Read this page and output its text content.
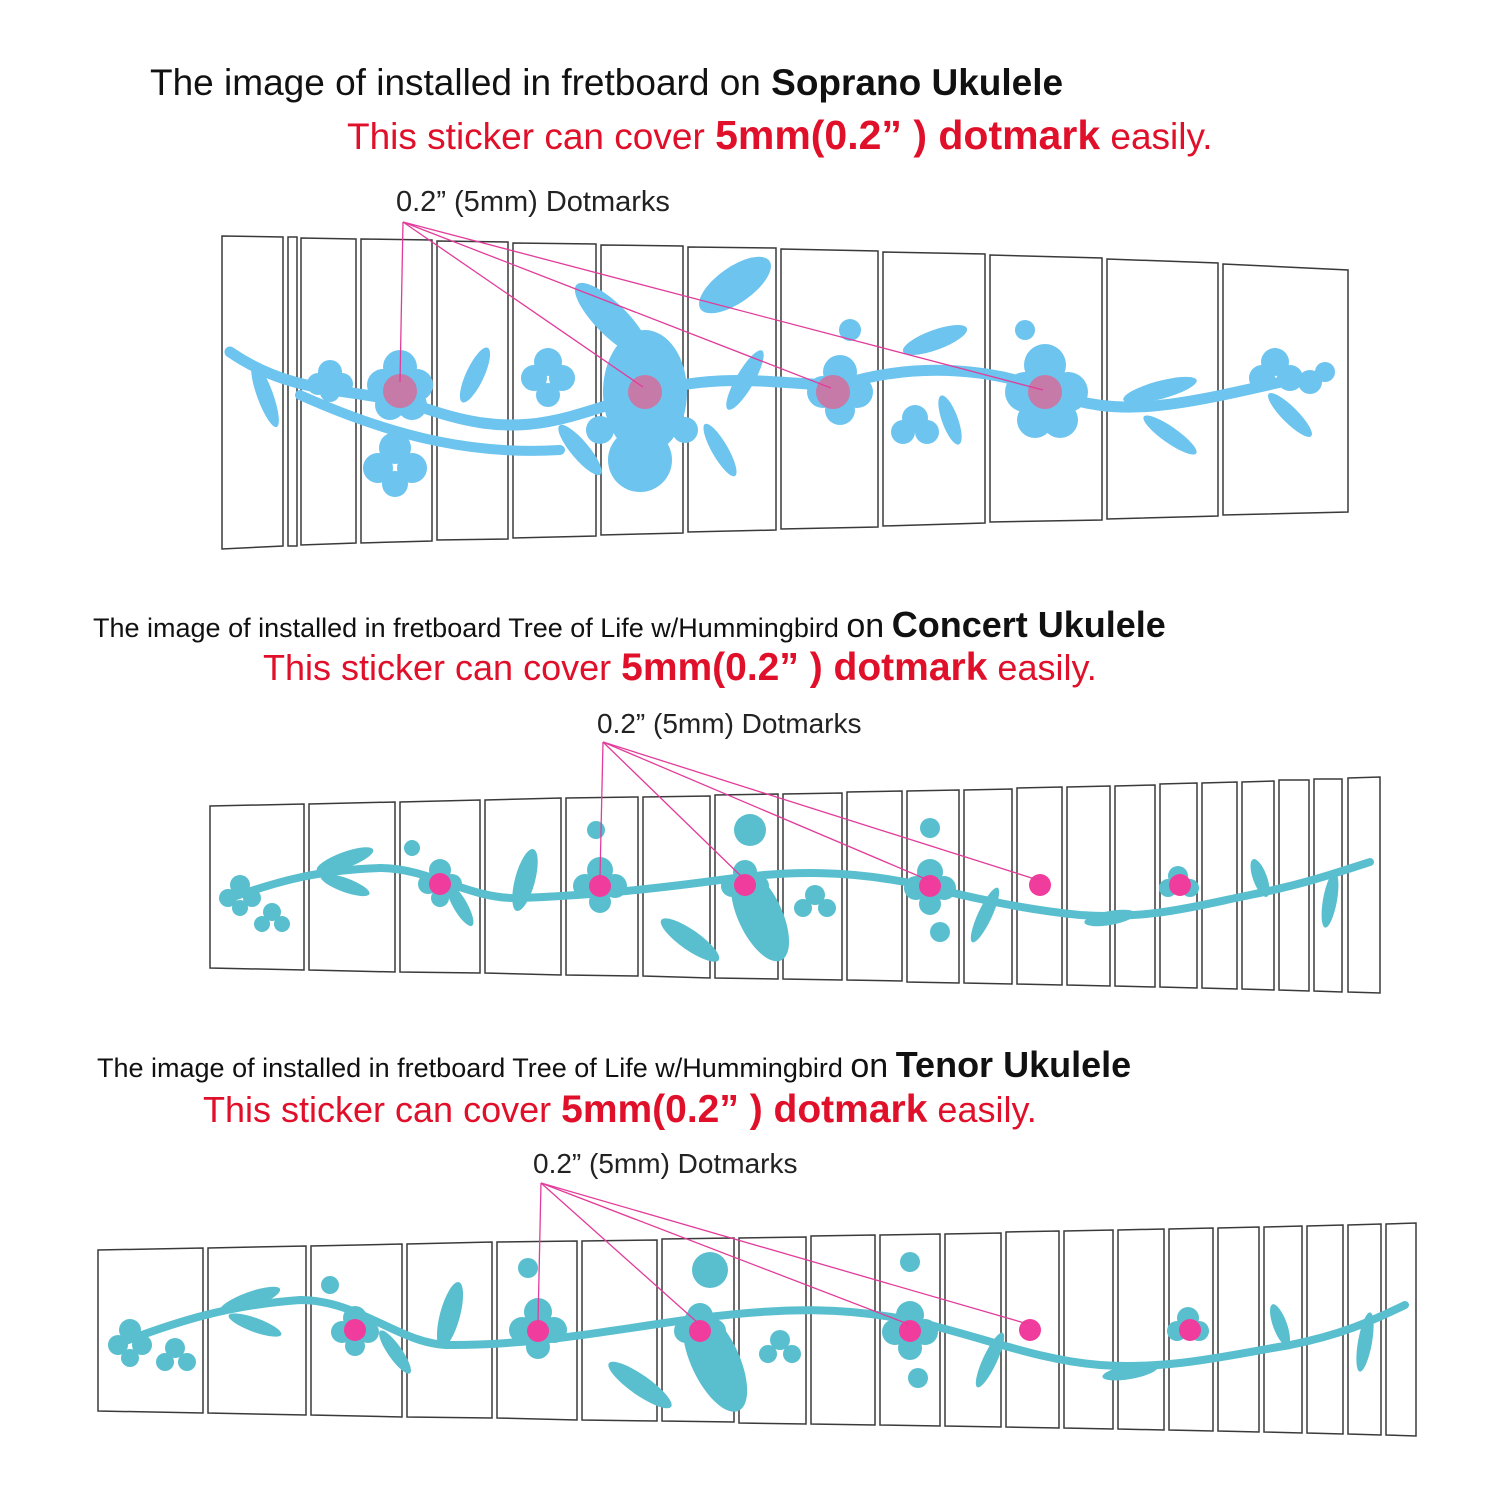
The image of installed in fretboard on Soprano Ukulele

This sticker can cover 5mm(0.2” ) dotmark easily.

0.2” (5mm) Dotmarks

The image of installed in fretboard Tree of Life w/Hummingbird on Concert Ukulele

This sticker can cover 5mm(0.2” ) dotmark easily.

0.2” (5mm) Dotmarks

The image of installed in fretboard Tree of Life w/Hummingbird on Tenor Ukulele

This sticker can cover 5mm(0.2” ) dotmark easily.

0.2” (5mm) Dotmarks
